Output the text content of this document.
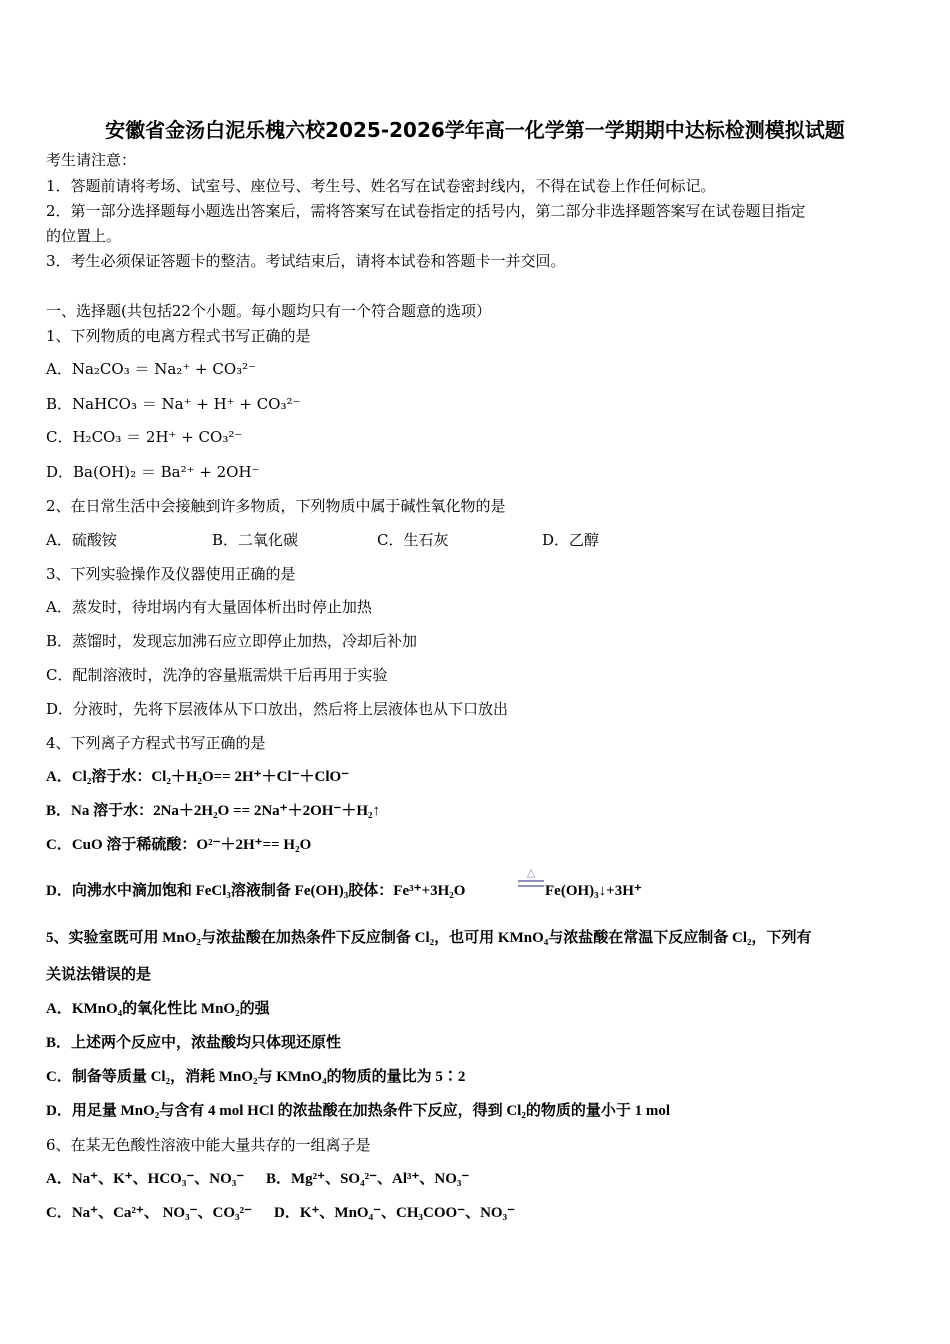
安徽省金汤白泥乐槐六校2025-2026学年高一化学第一学期期中达标检测模拟试题
考生请注意：
1．答题前请将考场、试室号、座位号、考生号、姓名写在试卷密封线内，不得在试卷上作任何标记。
2．第一部分选择题每小题选出答案后，需将答案写在试卷指定的括号内，第二部分非选择题答案写在试卷题目指定
的位置上。
3．考生必须保证答题卡的整洁。考试结束后，请将本试卷和答题卡一并交回。
一、选择题(共包括22个小题。每小题均只有一个符合题意的选项）
1、下列物质的电离方程式书写正确的是
A．Na₂CO₃ ＝ Na₂⁺ + CO₃²⁻
B．NaHCO₃ ＝ Na⁺ + H⁺ + CO₃²⁻
C．H₂CO₃ ＝ 2H⁺ + CO₃²⁻
D．Ba(OH)₂ ＝ Ba²⁺ + 2OH⁻
2、在日常生活中会接触到许多物质，下列物质中属于碱性氧化物的是
A．硫酸铵	B．二氧化碳	C．生石灰	D．乙醇
3、下列实验操作及仪器使用正确的是
A．蒸发时，待坩埚内有大量固体析出时停止加热
B．蒸馏时，发现忘加沸石应立即停止加热，冷却后补加
C．配制溶液时，洗净的容量瓶需烘干后再用于实验
D．分液时，先将下层液体从下口放出，然后将上层液体也从下口放出
4、下列离子方程式书写正确的是
A．Cl₂溶于水：Cl₂＋H₂O== 2H⁺＋Cl⁻＋ClO⁻
B．Na 溶于水：2Na＋2H₂O == 2Na⁺＋2OH⁻＋H₂↑
C．CuO 溶于稀硫酸：O²⁻＋2H⁺== H₂O
D．向沸水中滴加饱和 FeCl₃溶液制备 Fe(OH)₃胶体：Fe³⁺+3H₂O
△
Fe(OH)₃↓+3H⁺
5、实验室既可用 MnO₂与浓盐酸在加热条件下反应制备 Cl₂，也可用 KMnO₄与浓盐酸在常温下反应制备 Cl₂，下列有
关说法错误的是
A．KMnO₄的氧化性比 MnO₂的强
B．上述两个反应中，浓盐酸均只体现还原性
C．制备等质量 Cl₂，消耗 MnO₂与 KMnO₄的物质的量比为 5∶2
D．用足量 MnO₂与含有 4 mol HCl 的浓盐酸在加热条件下反应，得到 Cl₂的物质的量小于 1 mol
6、在某无色酸性溶液中能大量共存的一组离子是
A．Na⁺、K⁺、HCO₃⁻、NO₃⁻ B．Mg²⁺、SO₄²⁻、Al³⁺、NO₃⁻
C．Na⁺、Ca²⁺、 NO₃⁻、CO₃²⁻ D．K⁺、MnO₄⁻、CH₃COO⁻、NO₃⁻
